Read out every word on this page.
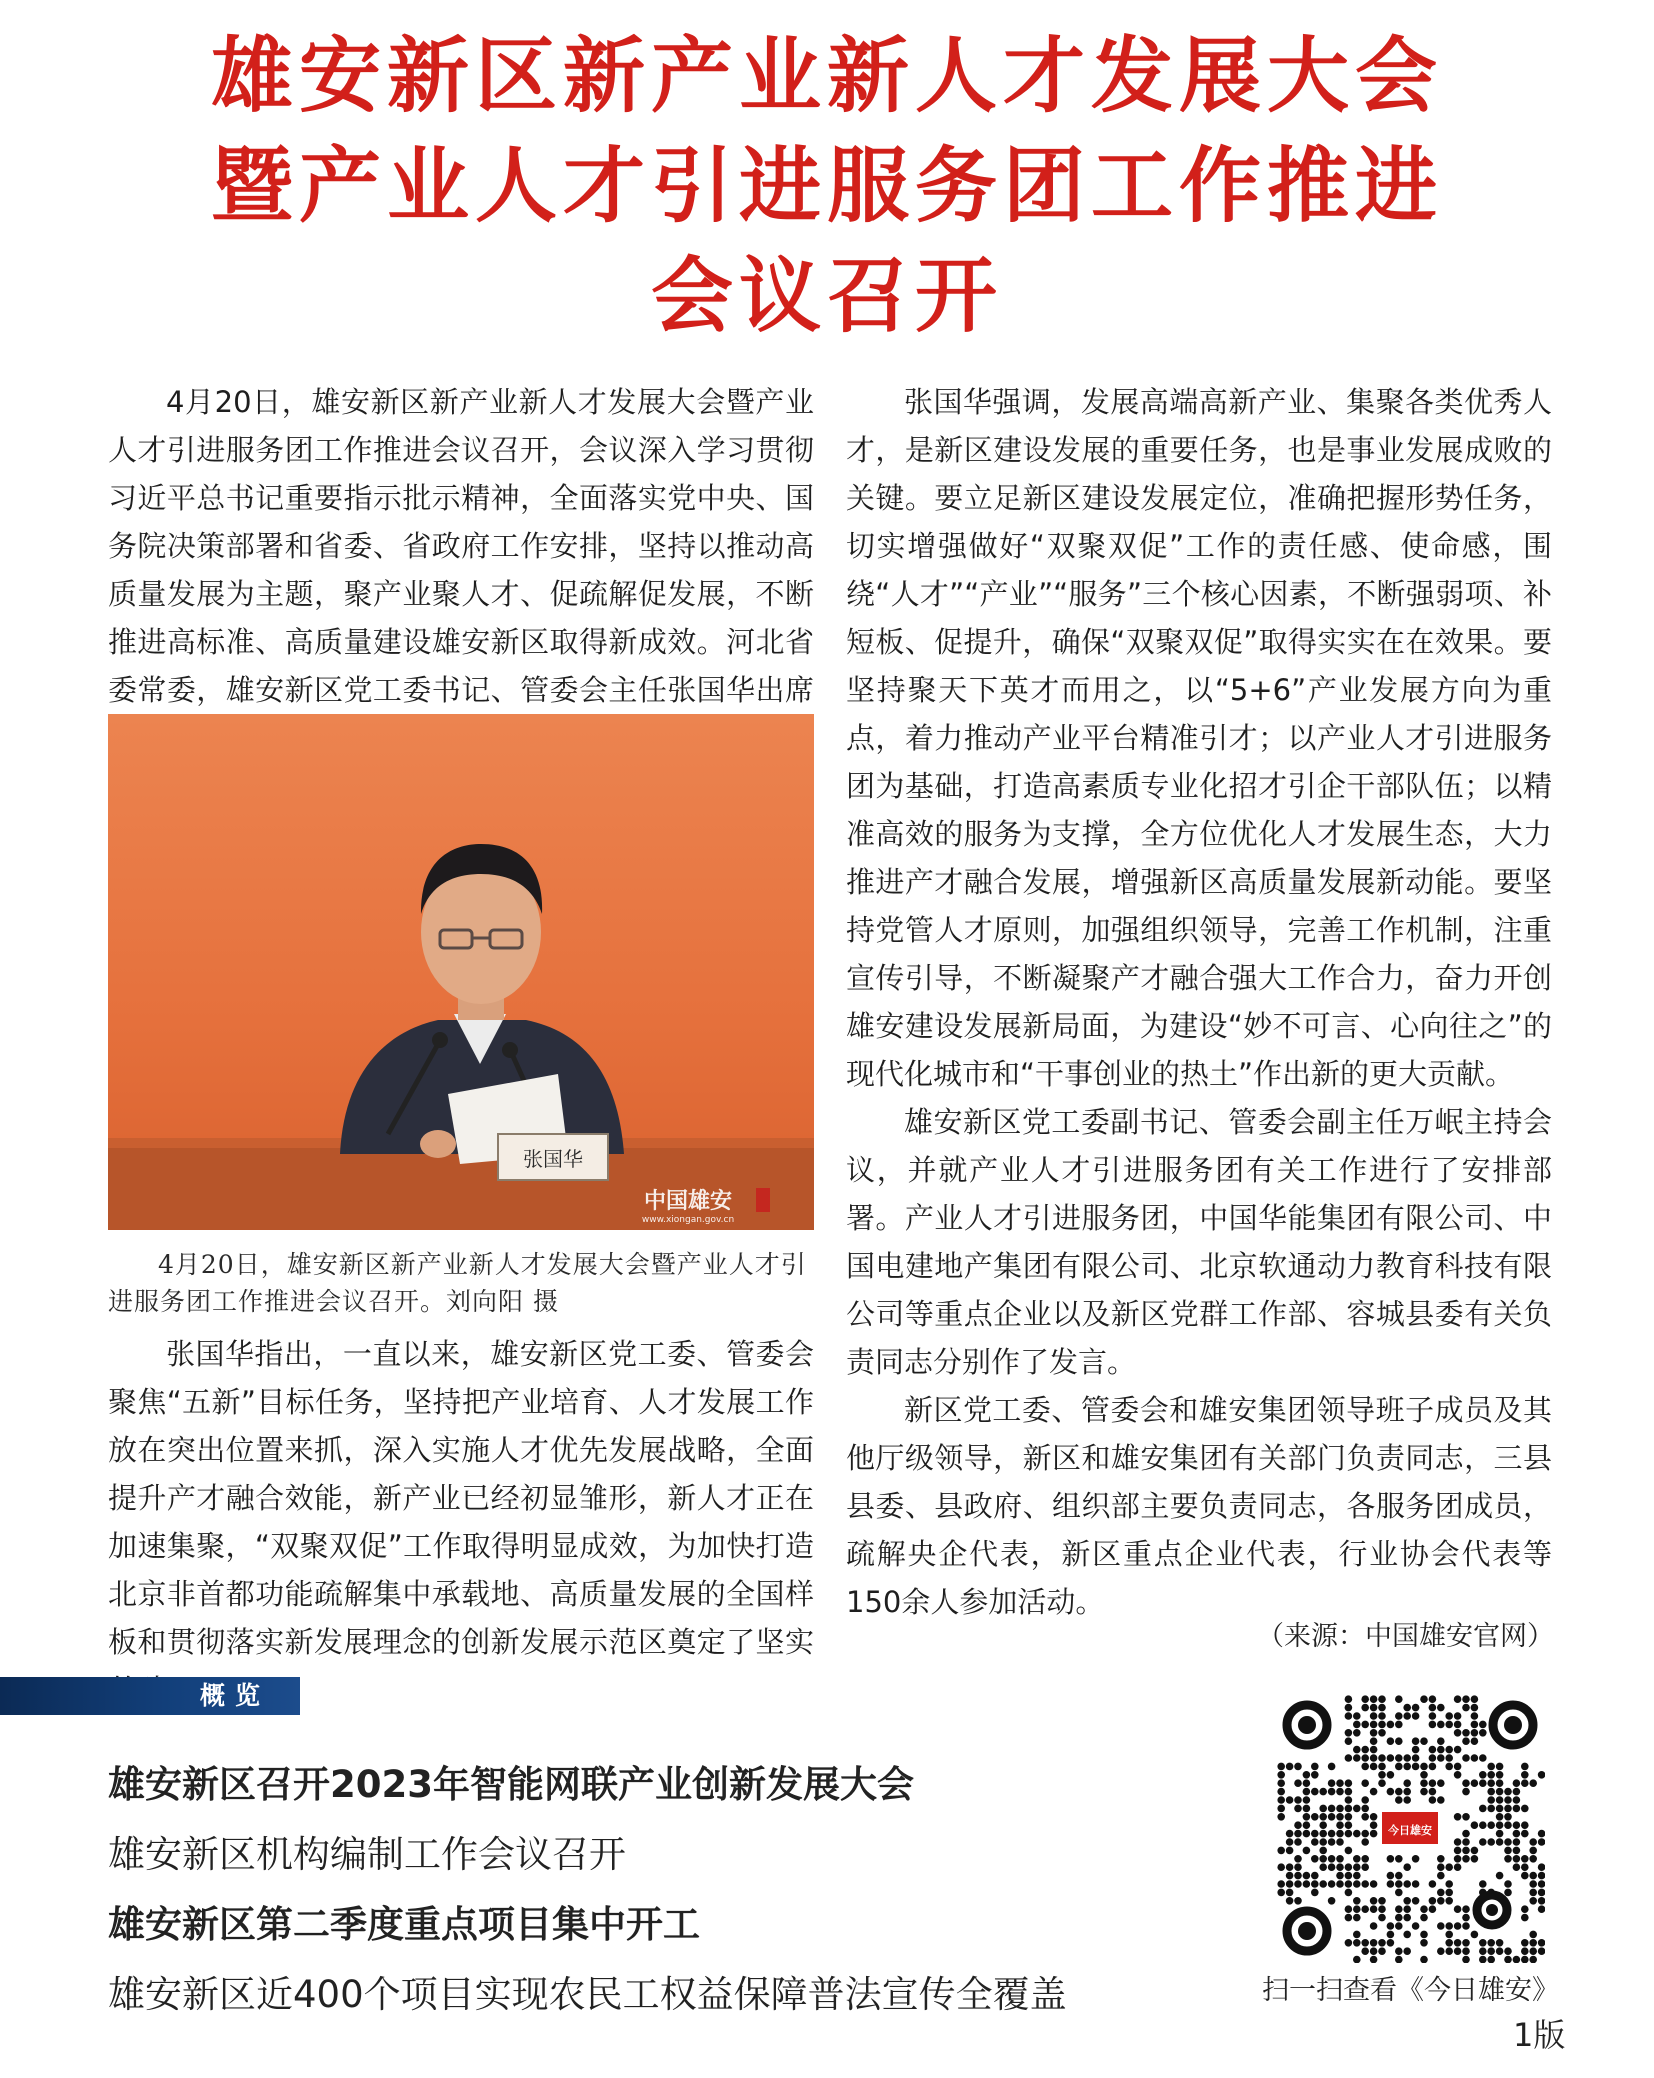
雄安新区新产业新人才发展大会
暨产业人才引进服务团工作推进
会议召开

4月20日，雄安新区新产业新人才发展大会暨产业人才引进服务团工作推进会议召开，会议深入学习贯彻习近平总书记重要指示批示精神，全面落实党中央、国务院决策部署和省委、省政府工作安排，坚持以推动高质量发展为主题，聚产业聚人才、促疏解促发展，不断推进高标准、高质量建设雄安新区取得新成效。河北省委常委，雄安新区党工委书记、管委会主任张国华出席

张国华
中国雄安
www.xiongan.gov.cn
4月20日，雄安新区新产业新人才发展大会暨产业人才引进服务团工作推进会议召开。刘向阳 摄

张国华指出，一直以来，雄安新区党工委、管委会聚焦“五新”目标任务，坚持把产业培育、人才发展工作放在突出位置来抓，深入实施人才优先发展战略，全面提升产才融合效能，新产业已经初显雏形，新人才正在加速集聚，“双聚双促”工作取得明显成效，为加快打造北京非首都功能疏解集中承载地、高质量发展的全国样板和贯彻落实新发展理念的创新发展示范区奠定了坚实

张国华强调，发展高端高新产业、集聚各类优秀人才，是新区建设发展的重要任务，也是事业发展成败的关键。要立足新区建设发展定位，准确把握形势任务，切实增强做好“双聚双促”工作的责任感、使命感，围绕“人才”“产业”“服务”三个核心因素，不断强弱项、补短板、促提升，确保“双聚双促”取得实实在在效果。要坚持聚天下英才而用之，以“5+6”产业发展方向为重点，着力推动产业平台精准引才；以产业人才引进服务团为基础，打造高素质专业化招才引企干部队伍；以精准高效的服务为支撑，全方位优化人才发展生态，大力推进产才融合发展，增强新区高质量发展新动能。要坚持党管人才原则，加强组织领导，完善工作机制，注重宣传引导，不断凝聚产才融合强大工作合力，奋力开创雄安建设发展新局面，为建设“妙不可言、心向往之”的现代化城市和“干事创业的热土”作出新的更大贡献。

雄安新区党工委副书记、管委会副主任万岷主持会议，并就产业人才引进服务团有关工作进行了安排部署。产业人才引进服务团，中国华能集团有限公司、中国电建地产集团有限公司、北京软通动力教育科技有限公司等重点企业以及新区党群工作部、容城县委有关负责同志分别作了发言。

新区党工委、管委会和雄安集团领导班子成员及其他厅级领导，新区和雄安集团有关部门负责同志，三县县委、县政府、组织部主要负责同志，各服务团成员，疏解央企代表，新区重点企业代表，行业协会代表等150余人参加活动。

（来源：中国雄安官网）
概览
雄安新区召开2023年智能网联产业创新发展大会
雄安新区机构编制工作会议召开
雄安新区第二季度重点项目集中开工
雄安新区近400个项目实现农民工权益保障普法宣传全覆盖
今日雄安
扫一扫查看《今日雄安》
1版
